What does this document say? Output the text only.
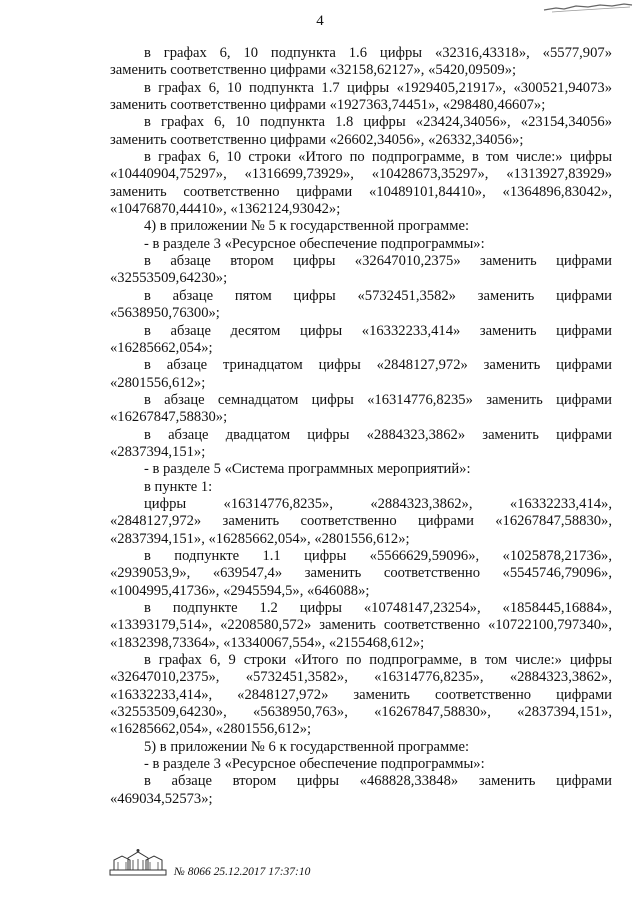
4
в графах 6, 10 подпункта 1.6 цифры «32316,43318», «5577,907»
заменить соответственно цифрами «32158,62127», «5420,09509»;
в графах 6, 10 подпункта 1.7 цифры «1929405,21917», «300521,94073»
заменить соответственно цифрами «1927363,74451», «298480,46607»;
в графах 6, 10 подпункта 1.8 цифры «23424,34056», «23154,34056»
заменить соответственно цифрами «26602,34056», «26332,34056»;
в графах 6, 10 строки «Итого по подпрограмме, в том числе:» цифры
«10440904,75297», «1316699,73929», «10428673,35297», «1313927,83929»
заменить соответственно цифрами «10489101,84410», «1364896,83042»,
«10476870,44410», «1362124,93042»;
4) в приложении № 5 к государственной программе:
- в разделе 3 «Ресурсное обеспечение подпрограммы»:
в абзаце втором цифры «32647010,2375» заменить цифрами
«32553509,64230»;
в абзаце пятом цифры «5732451,3582» заменить цифрами
«5638950,76300»;
в абзаце десятом цифры «16332233,414» заменить цифрами
«16285662,054»;
в абзаце тринадцатом цифры «2848127,972» заменить цифрами
«2801556,612»;
в абзаце семнадцатом цифры «16314776,8235» заменить цифрами
«16267847,58830»;
в абзаце двадцатом цифры «2884323,3862» заменить цифрами
«2837394,151»;
- в разделе 5 «Система программных мероприятий»:
в пункте 1:
цифры «16314776,8235», «2884323,3862», «16332233,414»,
«2848127,972» заменить соответственно цифрами «16267847,58830»,
«2837394,151», «16285662,054», «2801556,612»;
в подпункте 1.1 цифры «5566629,59096», «1025878,21736»,
«2939053,9», «639547,4» заменить соответственно «5545746,79096»,
«1004995,41736», «2945594,5», «646088»;
в подпункте 1.2 цифры «10748147,23254», «1858445,16884»,
«13393179,514», «2208580,572» заменить соответственно «10722100,797340»,
«1832398,73364», «13340067,554», «2155468,612»;
в графах 6, 9 строки «Итого по подпрограмме, в том числе:» цифры
«32647010,2375», «5732451,3582», «16314776,8235», «2884323,3862»,
«16332233,414», «2848127,972» заменить соответственно цифрами
«32553509,64230», «5638950,763», «16267847,58830», «2837394,151»,
«16285662,054», «2801556,612»;
5) в приложении № 6 к государственной программе:
- в разделе 3 «Ресурсное обеспечение подпрограммы»:
в абзаце втором цифры «468828,33848» заменить цифрами
«469034,52573»;
№ 8066 25.12.2017 17:37:10
